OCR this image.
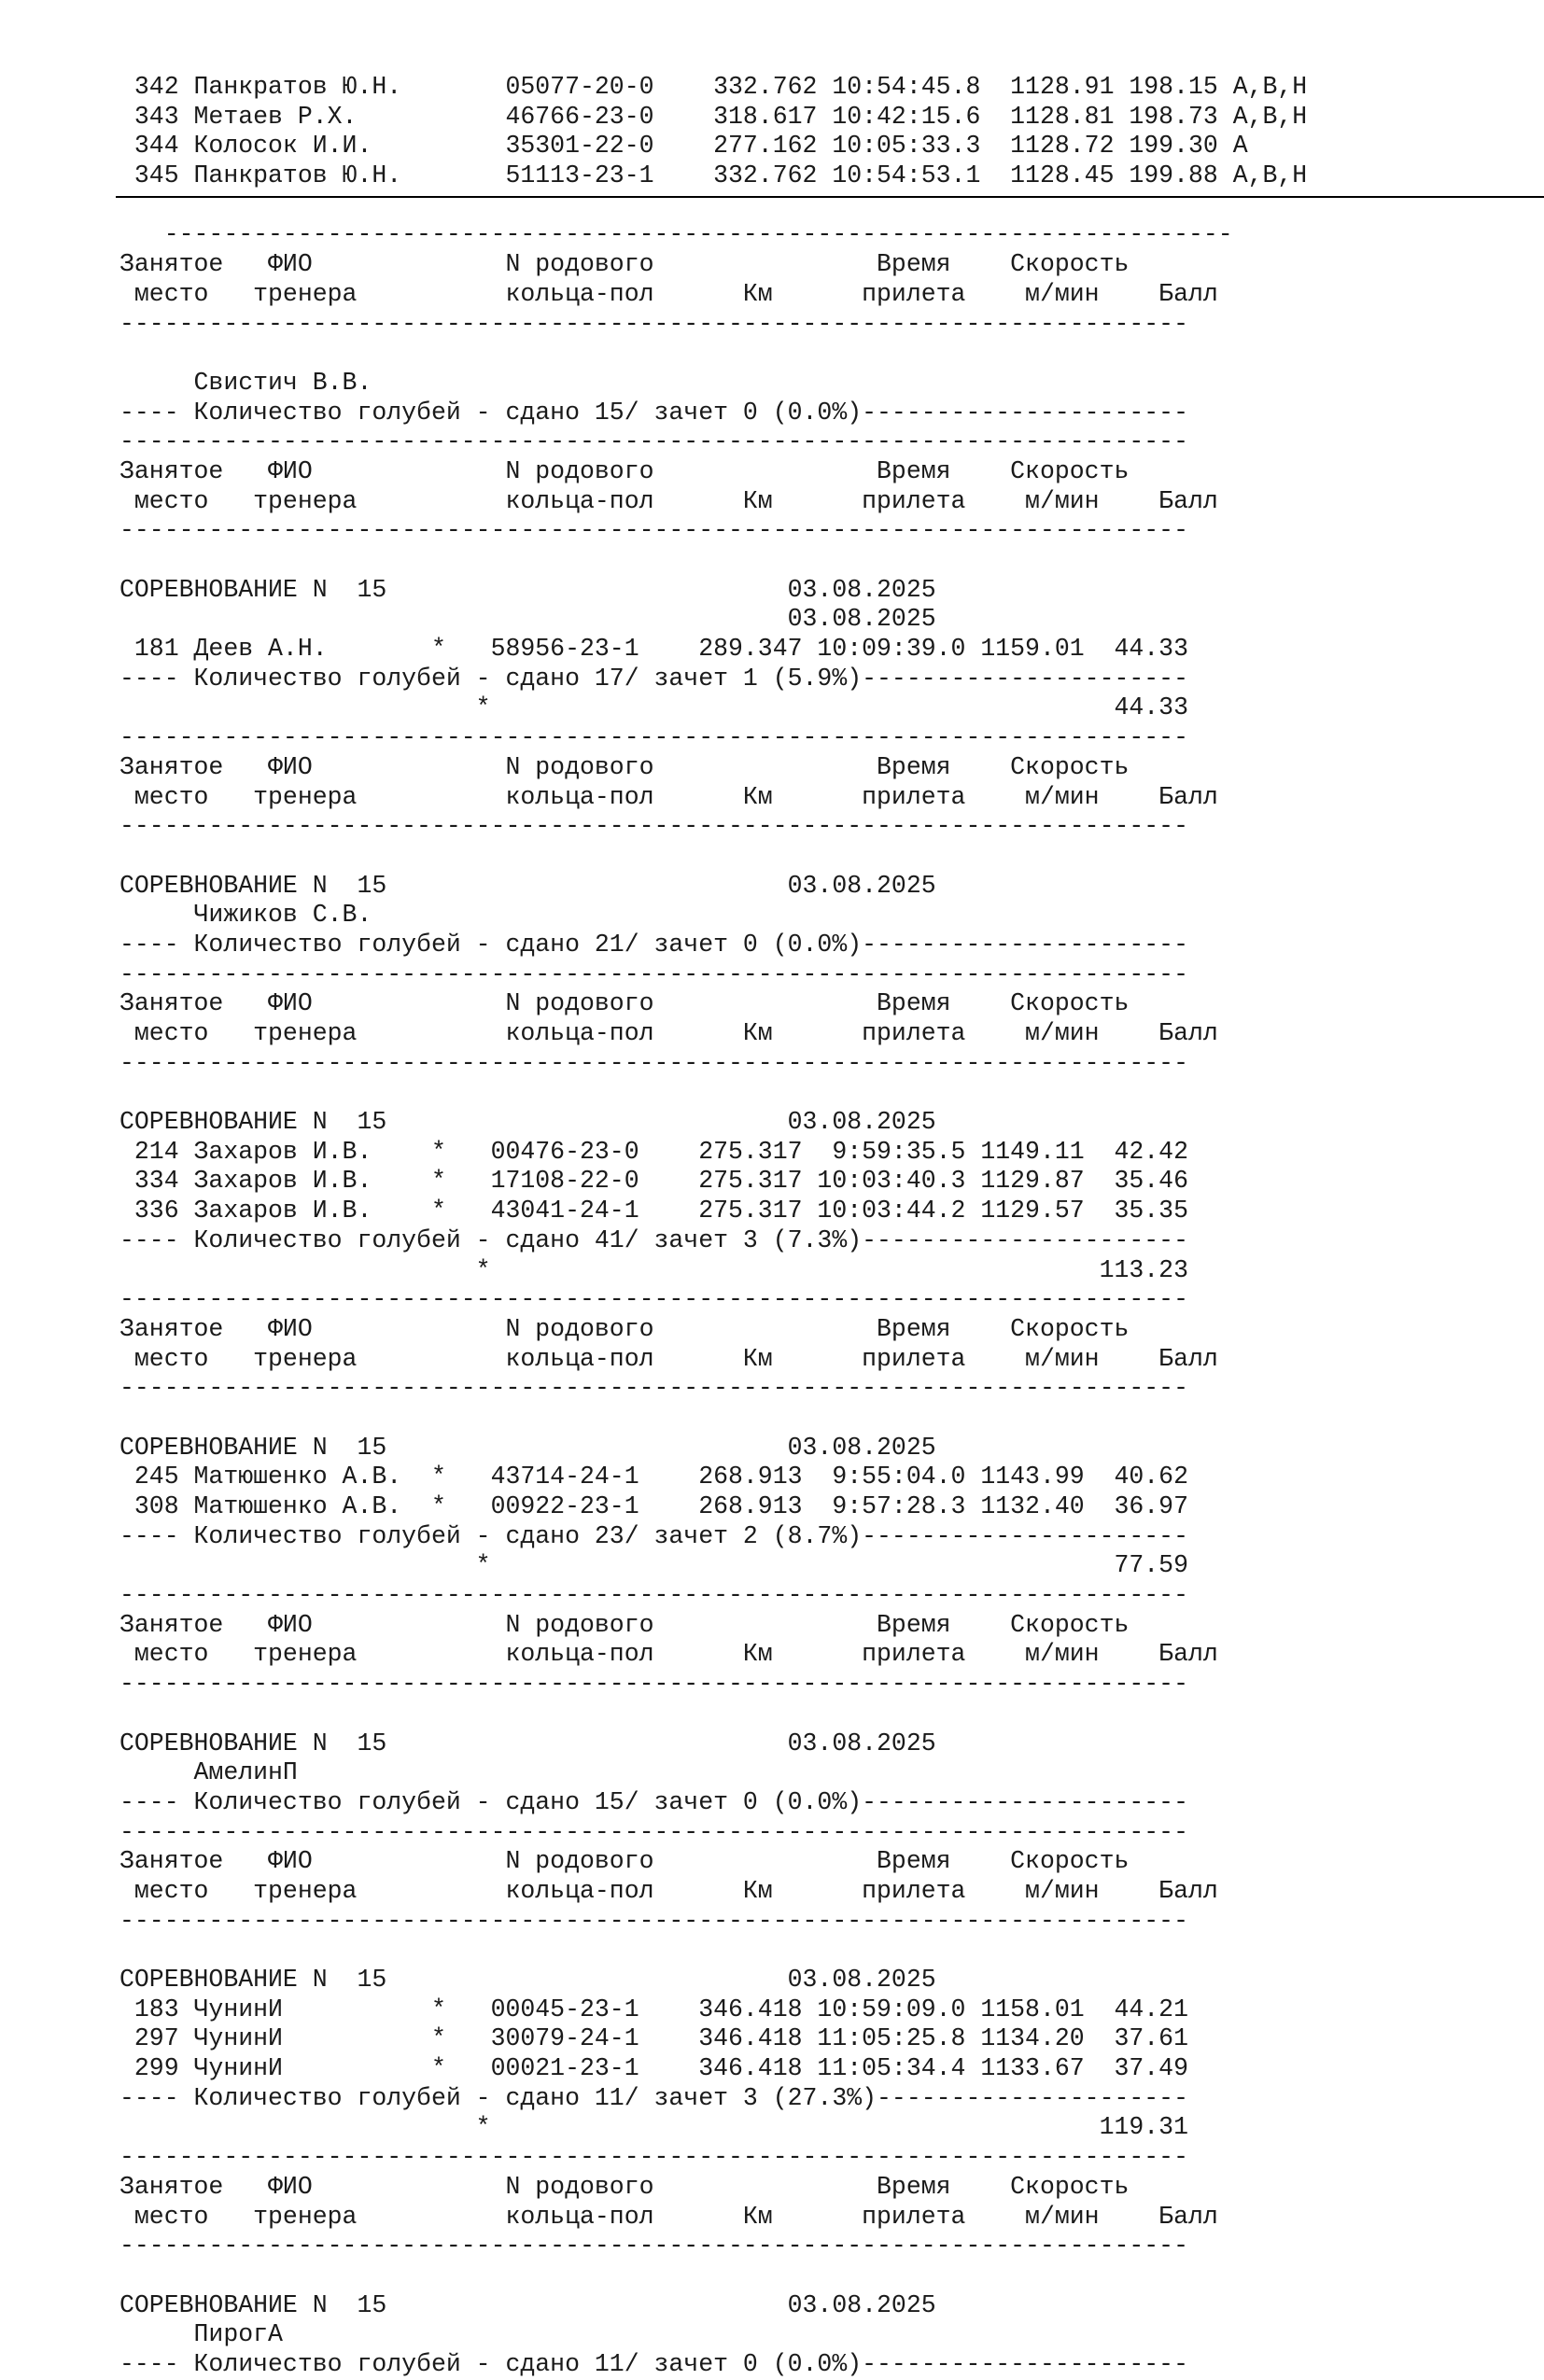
342 Панкратов Ю.Н.       05077-20-0    332.762 10:54:45.8  1128.91 198.15 А,В,Н
343 Метаев Р.Х.          46766-23-0    318.617 10:42:15.6  1128.81 198.73 А,В,Н
344 Колосок И.И.         35301-22-0    277.162 10:05:33.3  1128.72 199.30 А
345 Панкратов Ю.Н.       51113-23-1    332.762 10:54:53.1  1128.45 199.88 А,В,Н
------------------------------------------------------------------------
Занятое   ФИО             N родового               Время    Скорость
место   тренера          кольца-пол      Км      прилета    м/мин    Балл
------------------------------------------------------------------------
Свистич В.В.
---- Количество голубей - сдано 15/ зачет 0 (0.0%)----------------------
------------------------------------------------------------------------
Занятое   ФИО             N родового               Время    Скорость
место   тренера          кольца-пол      Км      прилета    м/мин    Балл
------------------------------------------------------------------------
СОРЕВНОВАНИЕ N  15                           03.08.2025
03.08.2025
181 Деев А.Н.       *   58956-23-1    289.347 10:09:39.0 1159.01  44.33
---- Количество голубей - сдано 17/ зачет 1 (5.9%)----------------------
*                                          44.33
------------------------------------------------------------------------
Занятое   ФИО             N родового               Время    Скорость
место   тренера          кольца-пол      Км      прилета    м/мин    Балл
------------------------------------------------------------------------
СОРЕВНОВАНИЕ N  15                           03.08.2025
Чижиков С.В.
---- Количество голубей - сдано 21/ зачет 0 (0.0%)----------------------
------------------------------------------------------------------------
Занятое   ФИО             N родового               Время    Скорость
место   тренера          кольца-пол      Км      прилета    м/мин    Балл
------------------------------------------------------------------------
СОРЕВНОВАНИЕ N  15                           03.08.2025
214 Захаров И.В.    *   00476-23-0    275.317  9:59:35.5 1149.11  42.42
334 Захаров И.В.    *   17108-22-0    275.317 10:03:40.3 1129.87  35.46
336 Захаров И.В.    *   43041-24-1    275.317 10:03:44.2 1129.57  35.35
---- Количество голубей - сдано 41/ зачет 3 (7.3%)----------------------
*                                         113.23
------------------------------------------------------------------------
Занятое   ФИО             N родового               Время    Скорость
место   тренера          кольца-пол      Км      прилета    м/мин    Балл
------------------------------------------------------------------------
СОРЕВНОВАНИЕ N  15                           03.08.2025
245 Матюшенко А.В.  *   43714-24-1    268.913  9:55:04.0 1143.99  40.62
308 Матюшенко А.В.  *   00922-23-1    268.913  9:57:28.3 1132.40  36.97
---- Количество голубей - сдано 23/ зачет 2 (8.7%)----------------------
*                                          77.59
------------------------------------------------------------------------
Занятое   ФИО             N родового               Время    Скорость
место   тренера          кольца-пол      Км      прилета    м/мин    Балл
------------------------------------------------------------------------
СОРЕВНОВАНИЕ N  15                           03.08.2025
АмелинП
---- Количество голубей - сдано 15/ зачет 0 (0.0%)----------------------
------------------------------------------------------------------------
Занятое   ФИО             N родового               Время    Скорость
место   тренера          кольца-пол      Км      прилета    м/мин    Балл
------------------------------------------------------------------------
СОРЕВНОВАНИЕ N  15                           03.08.2025
183 ЧунинИ          *   00045-23-1    346.418 10:59:09.0 1158.01  44.21
297 ЧунинИ          *   30079-24-1    346.418 11:05:25.8 1134.20  37.61
299 ЧунинИ          *   00021-23-1    346.418 11:05:34.4 1133.67  37.49
---- Количество голубей - сдано 11/ зачет 3 (27.3%)---------------------
*                                         119.31
------------------------------------------------------------------------
Занятое   ФИО             N родового               Время    Скорость
место   тренера          кольца-пол      Км      прилета    м/мин    Балл
------------------------------------------------------------------------
СОРЕВНОВАНИЕ N  15                           03.08.2025
ПирогА
---- Количество голубей - сдано 11/ зачет 0 (0.0%)----------------------
